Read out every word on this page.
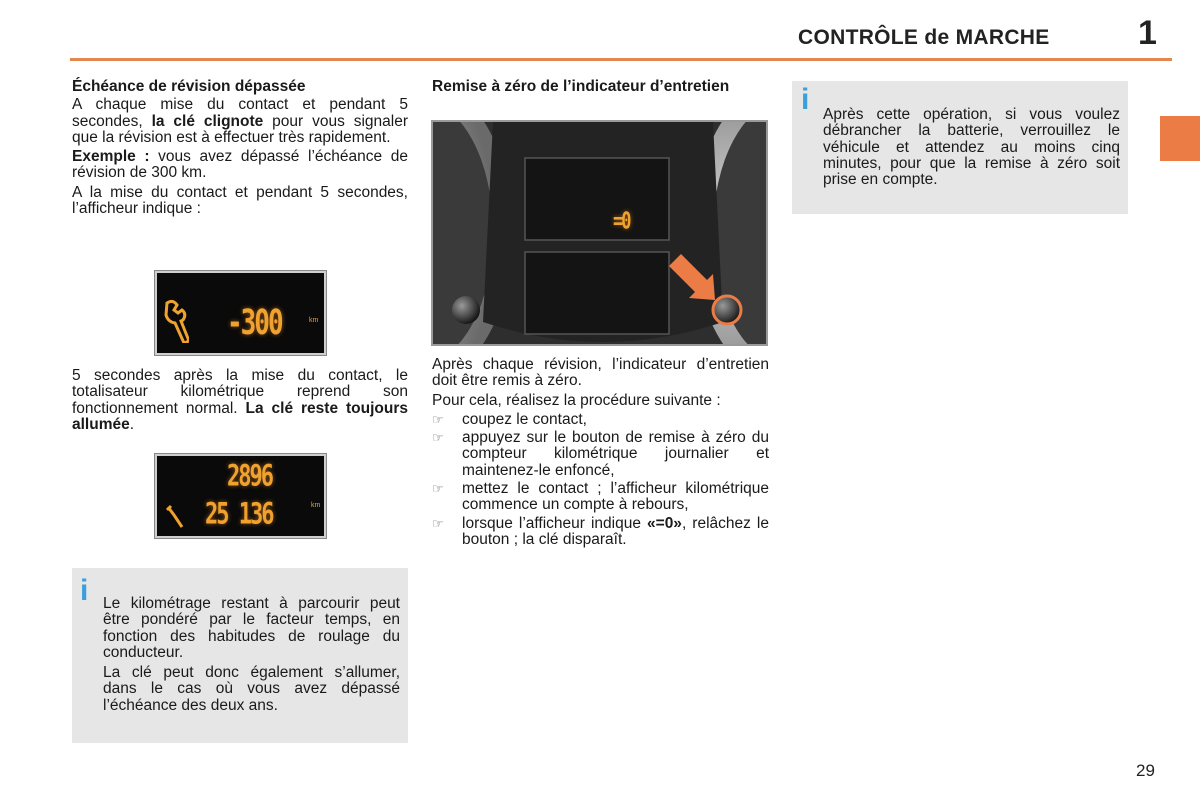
CONTRÔLE de MARCHE	1
Échéance de révision dépassée
A chaque mise du contact et pendant 5 secondes, la clé clignote pour vous signaler que la révision est à effectuer très rapidement.
Exemple : vous avez dépassé l’échéance de révision de 300 km.
A la mise du contact et pendant 5 secondes, l’afficheur indique :
-300	km
5 secondes après la mise du contact, le totalisateur kilométrique reprend son fonctionnement normal. La clé reste toujours allumée.
2896
25 136	km
i Le kilométrage restant à parcourir peut être pondéré par le facteur temps, en fonction des habitudes de roulage du conducteur.
La clé peut donc également s’allumer, dans le cas où vous avez dépassé l’échéance des deux ans.
Remise à zéro de l’indicateur d’entretien
=0
Après chaque révision, l’indicateur d’entretien doit être remis à zéro.
Pour cela, réalisez la procédure suivante :
☞ coupez le contact,
☞ appuyez sur le bouton de remise à zéro du compteur kilométrique journalier et maintenez-le enfoncé,
☞ mettez le contact ; l’afficheur kilométrique commence un compte à rebours,
☞ lorsque l’afficheur indique «=0», relâchez le bouton ; la clé disparaît.
i Après cette opération, si vous voulez débrancher la batterie, verrouillez le véhicule et attendez au moins cinq minutes, pour que la remise à zéro soit prise en compte.
29
